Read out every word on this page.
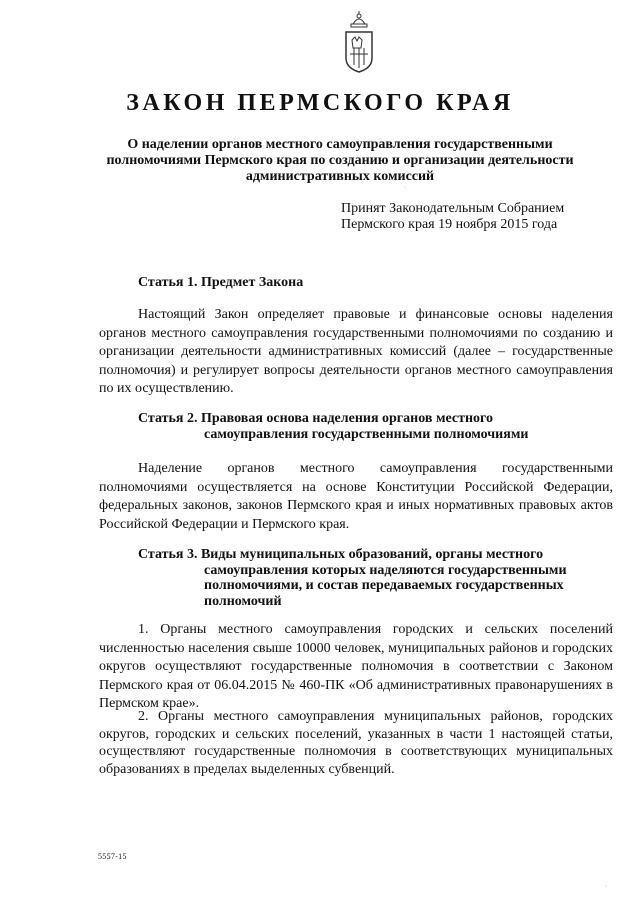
ЗАКОН ПЕРМСКОГО КРАЯ
О наделении органов местного самоуправления государственными полномочиями Пермского края по созданию и организации деятельности административных комиссий
Принят Законодательным Собранием
Пермского края 19 ноября 2015 года
Статья 1. Предмет Закона
Настоящий Закон определяет правовые и финансовые основы наделения органов местного самоуправления государственными полномочиями по созданию и организации деятельности административных комиссий (далее – государственные полномочия) и регулирует вопросы деятельности органов местного самоуправления по их осуществлению.
Статья 2. Правовая основа наделения органов местного
самоуправления государственными полномочиями
Наделение органов местного самоуправления государственными полномочиями осуществляется на основе Конституции Российской Федерации, федеральных законов, законов Пермского края и иных нормативных правовых актов Российской Федерации и Пермского края.
Статья 3. Виды муниципальных образований, органы местного
самоуправления которых наделяются государственными полномочиями, и состав передаваемых государственных полномочий
1. Органы местного самоуправления городских и сельских поселений численностью населения свыше 10000 человек, муниципальных районов и городских округов осуществляют государственные полномочия в соответствии с Законом Пермского края от 06.04.2015 № 460-ПК «Об административных правонарушениях в Пермском крае».
2. Органы местного самоуправления муниципальных районов, городских округов, городских и сельских поселений, указанных в части 1 настоящей статьи, осуществляют государственные полномочия в соответствующих муниципальных образованиях в пределах выделенных субвенций.
5557-15
·
·
